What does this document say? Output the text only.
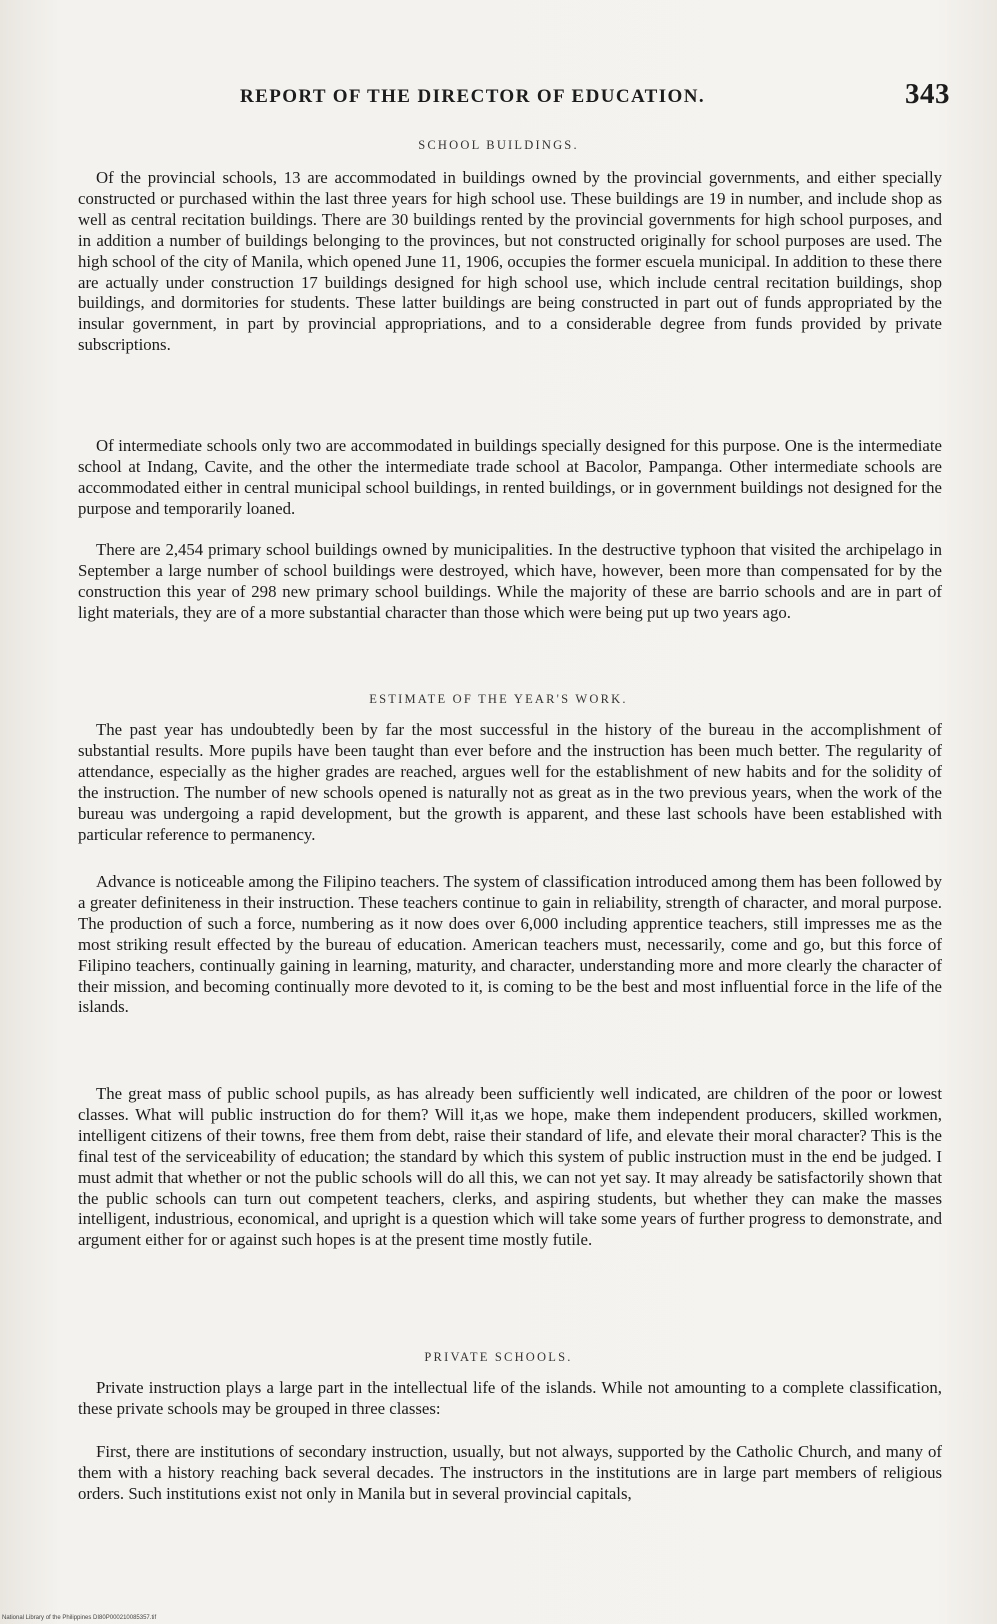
REPORT OF THE DIRECTOR OF EDUCATION.	343
SCHOOL BUILDINGS.

Of the provincial schools, 13 are accommodated in buildings owned by the provincial governments, and either specially constructed or purchased within the last three years for high school use. These buildings are 19 in number, and include shop as well as central recitation buildings. There are 30 buildings rented by the provincial governments for high school purposes, and in addition a number of buildings belonging to the provinces, but not constructed originally for school purposes are used. The high school of the city of Manila, which opened June 11, 1906, occupies the former escuela municipal. In addition to these there are actually under construction 17 buildings designed for high school use, which include central recitation buildings, shop buildings, and dormitories for students. These latter buildings are being constructed in part out of funds appropriated by the insular government, in part by provincial appropriations, and to a considerable degree from funds provided by private subscriptions.

Of intermediate schools only two are accommodated in buildings specially designed for this purpose. One is the intermediate school at Indang, Cavite, and the other the intermediate trade school at Bacolor, Pampanga. Other intermediate schools are accommodated either in central municipal school buildings, in rented buildings, or in government buildings not designed for the purpose and temporarily loaned.

There are 2,454 primary school buildings owned by municipalities. In the destructive typhoon that visited the archipelago in September a large number of school buildings were destroyed, which have, however, been more than compensated for by the construction this year of 298 new primary school buildings. While the majority of these are barrio schools and are in part of light materials, they are of a more substantial character than those which were being put up two years ago.

ESTIMATE OF THE YEAR'S WORK.

The past year has undoubtedly been by far the most successful in the history of the bureau in the accomplishment of substantial results. More pupils have been taught than ever before and the instruction has been much better. The regularity of attendance, especially as the higher grades are reached, argues well for the establishment of new habits and for the solidity of the instruction. The number of new schools opened is naturally not as great as in the two previous years, when the work of the bureau was undergoing a rapid development, but the growth is apparent, and these last schools have been established with particular reference to permanency.

Advance is noticeable among the Filipino teachers. The system of classification introduced among them has been followed by a greater definiteness in their instruction. These teachers continue to gain in reliability, strength of character, and moral purpose. The production of such a force, numbering as it now does over 6,000 including apprentice teachers, still impresses me as the most striking result effected by the bureau of education. American teachers must, necessarily, come and go, but this force of Filipino teachers, continually gaining in learning, maturity, and character, understanding more and more clearly the character of their mission, and becoming continually more devoted to it, is coming to be the best and most influential force in the life of the islands.

The great mass of public school pupils, as has already been sufficiently well indicated, are children of the poor or lowest classes. What will public instruction do for them? Will it,as we hope, make them independent producers, skilled workmen, intelligent citizens of their towns, free them from debt, raise their standard of life, and elevate their moral character? This is the final test of the serviceability of education; the standard by which this system of public instruction must in the end be judged. I must admit that whether or not the public schools will do all this, we can not yet say. It may already be satisfactorily shown that the public schools can turn out competent teachers, clerks, and aspiring students, but whether they can make the masses intelligent, industrious, economical, and upright is a question which will take some years of further progress to demonstrate, and argument either for or against such hopes is at the present time mostly futile.

PRIVATE SCHOOLS.

Private instruction plays a large part in the intellectual life of the islands. While not amounting to a complete classification, these private schools may be grouped in three classes:

First, there are institutions of secondary instruction, usually, but not always, supported by the Catholic Church, and many of them with a history reaching back several decades. The instructors in the institutions are in large part members of religious orders. Such institutions exist not only in Manila but in several provincial capitals,

National Library of the Philippines DI80P000210085357.tif
